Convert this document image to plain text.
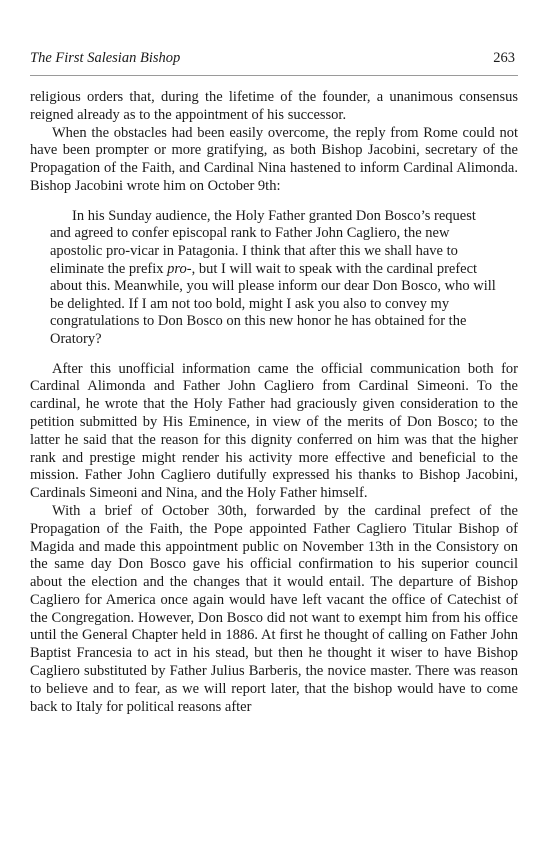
The First Salesian Bishop	263

religious orders that, during the lifetime of the founder, a unanimous consensus reigned already as to the appointment of his successor.

When the obstacles had been easily overcome, the reply from Rome could not have been prompter or more gratifying, as both Bishop Jacobini, secretary of the Propagation of the Faith, and Cardinal Nina hastened to inform Cardinal Alimonda. Bishop Jacobini wrote him on October 9th:

In his Sunday audience, the Holy Father granted Don Bosco’s request and agreed to confer episcopal rank to Father John Cagliero, the new apostolic pro-vicar in Patagonia. I think that after this we shall have to eliminate the prefix pro-, but I will wait to speak with the cardinal prefect about this. Meanwhile, you will please inform our dear Don Bosco, who will be delighted. If I am not too bold, might I ask you also to convey my congratulations to Don Bosco on this new honor he has obtained for the Oratory?

After this unofficial information came the official communication both for Cardinal Alimonda and Father John Cagliero from Cardinal Simeoni. To the cardinal, he wrote that the Holy Father had graciously given consideration to the petition submitted by His Eminence, in view of the merits of Don Bosco; to the latter he said that the reason for this dignity conferred on him was that the higher rank and prestige might render his activity more effective and beneficial to the mission. Father John Cagliero dutifully expressed his thanks to Bishop Jacobini, Cardinals Simeoni and Nina, and the Holy Father himself.

With a brief of October 30th, forwarded by the cardinal prefect of the Propagation of the Faith, the Pope appointed Father Cagliero Titular Bishop of Magida and made this appointment public on November 13th in the Consistory on the same day Don Bosco gave his official confirmation to his superior council about the election and the changes that it would entail. The departure of Bishop Cagliero for America once again would have left vacant the office of Catechist of the Congregation. However, Don Bosco did not want to exempt him from his office until the General Chapter held in 1886. At first he thought of calling on Father John Baptist Francesia to act in his stead, but then he thought it wiser to have Bishop Cagliero substituted by Father Julius Barberis, the novice master. There was reason to believe and to fear, as we will report later, that the bishop would have to come back to Italy for political reasons after
